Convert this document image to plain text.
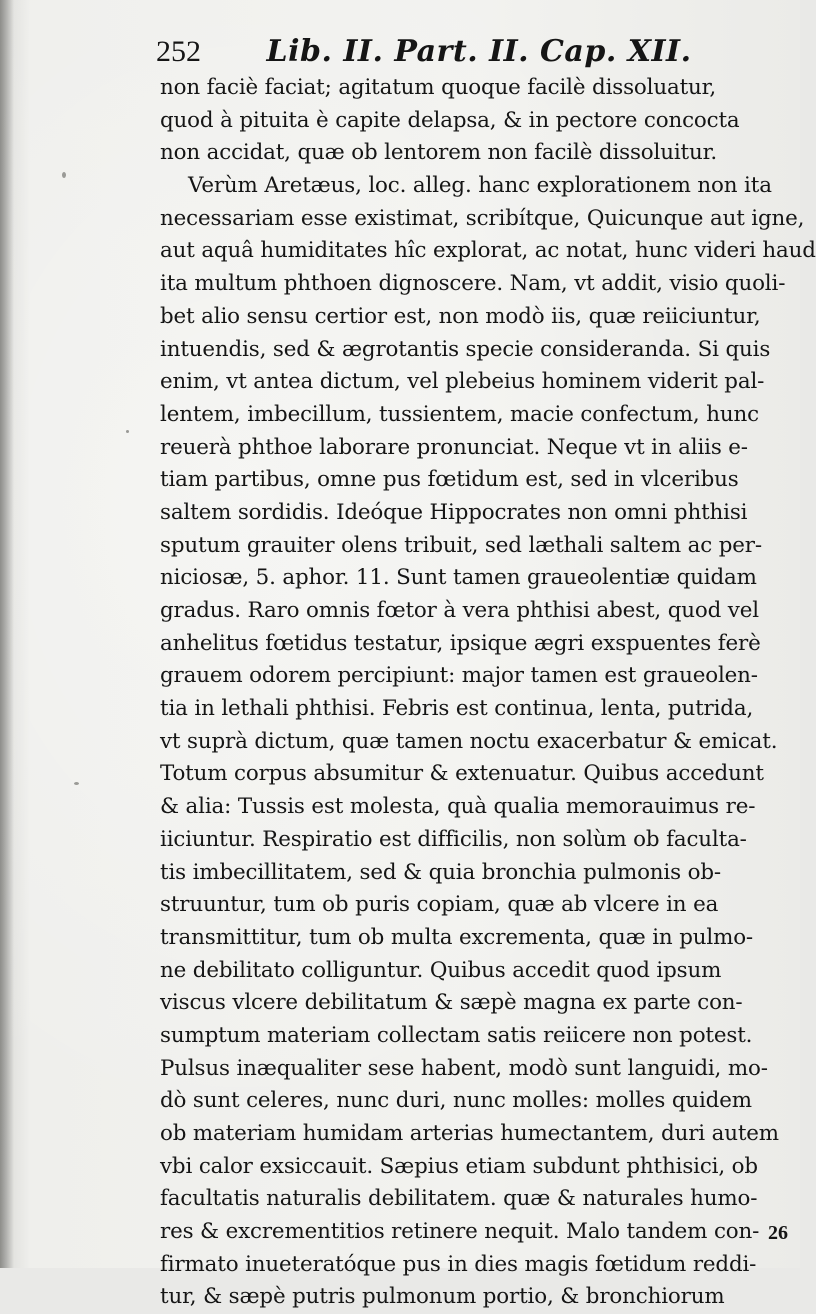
252 Lib. II. Part. II. Cap. XII.
non faciè faciat; agitatum quoque facilè dissoluatur,
quod à pituita è capite delapsa, & in pectore concocta
non accidat, quæ ob lentorem non facilè dissoluitur.
Verùm Aretæus, loc. alleg. hanc explorationem non ita
necessariam esse existimat, scribítque, Quicunque aut igne,
aut aquâ humiditates hîc explorat, ac notat, hunc videri haud
ita multum phthoen dignoscere. Nam, vt addit, visio quoli-
bet alio sensu certior est, non modò iis, quæ reiiciuntur,
intuendis, sed & ægrotantis specie consideranda. Si quis
enim, vt antea dictum, vel plebeius hominem viderit pal-
lentem, imbecillum, tussientem, macie confectum, hunc
reuerà phthoe laborare pronunciat. Neque vt in aliis e-
tiam partibus, omne pus fœtidum est, sed in vlceribus
saltem sordidis. Ideóque Hippocrates non omni phthisi
sputum grauiter olens tribuit, sed læthali saltem ac per-
niciosæ, 5. aphor. 11. Sunt tamen graueolentiæ quidam
gradus. Raro omnis fœtor à vera phthisi abest, quod vel
anhelitus fœtidus testatur, ipsique ægri exspuentes ferè
grauem odorem percipiunt: major tamen est graueolen-
tia in lethali phthisi. Febris est continua, lenta, putrida,
vt suprà dictum, quæ tamen noctu exacerbatur & emicat.
Totum corpus absumitur & extenuatur. Quibus accedunt
& alia: Tussis est molesta, quà qualia memorauimus re-
iiciuntur. Respiratio est difficilis, non solùm ob faculta-
tis imbecillitatem, sed & quia bronchia pulmonis ob-
struuntur, tum ob puris copiam, quæ ab vlcere in ea
transmittitur, tum ob multa excrementa, quæ in pulmo-
ne debilitato colliguntur. Quibus accedit quod ipsum
viscus vlcere debilitatum & sæpè magna ex parte con-
sumptum materiam collectam satis reiicere non potest.
Pulsus inæqualiter sese habent, modò sunt languidi, mo-
dò sunt celeres, nunc duri, nunc molles: molles quidem
ob materiam humidam arterias humectantem, duri autem
vbi calor exsiccauit. Sæpius etiam subdunt phthisici, ob
facultatis naturalis debilitatem. quæ & naturales humo-
res & excrementitios retinere nequit. Malo tandem con-
firmato inueteratóque pus in dies magis fœtidum reddi-
tur, & sæpè putris pulmonum portio, & bronchiorum
26
